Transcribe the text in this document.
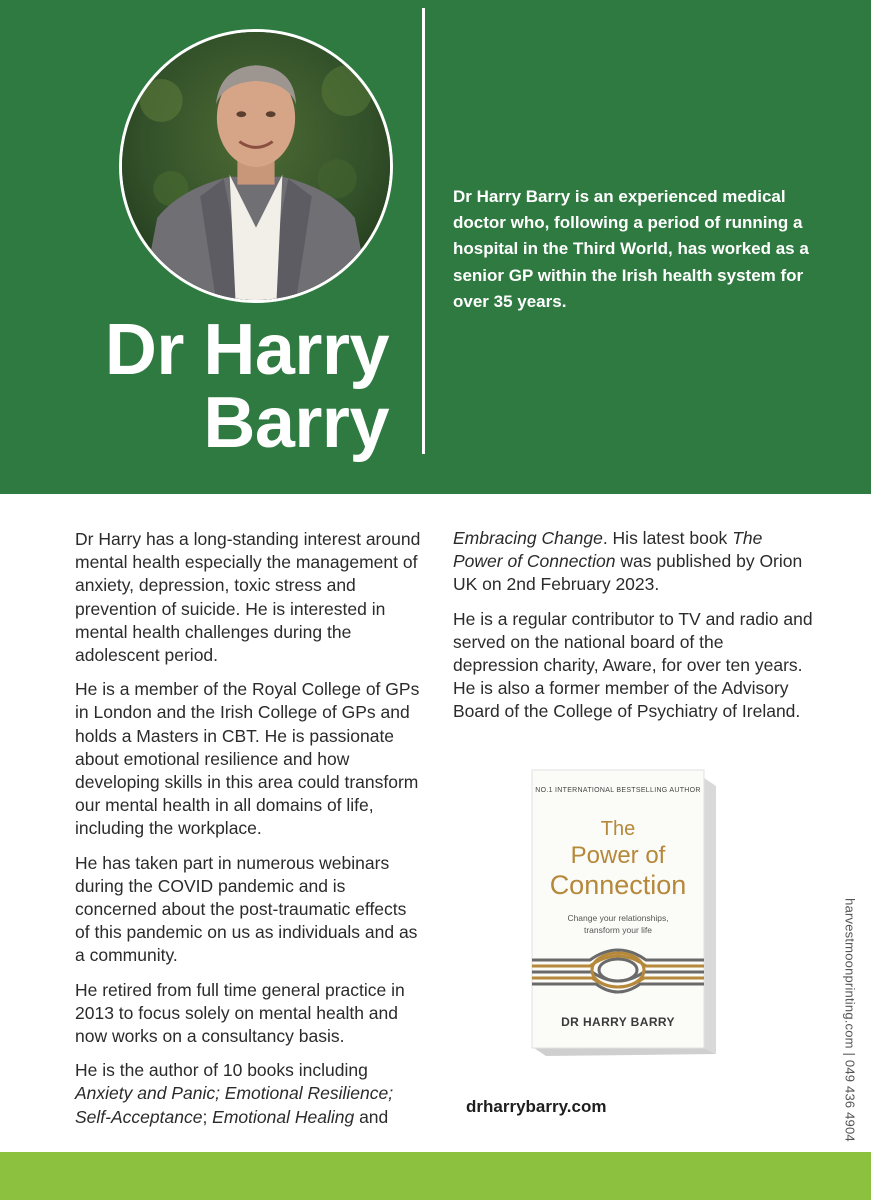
Dr Harry
Barry

Dr Harry Barry is an experienced medical doctor who, following a period of running a hospital in the Third World, has worked as a senior GP within the Irish health system for over 35 years.

Dr Harry has a long-standing interest around mental health especially the management of anxiety, depression, toxic stress and prevention of suicide. He is interested in mental health challenges during the adolescent period.

He is a member of the Royal College of GPs in London and the Irish College of GPs and holds a Masters in CBT. He is passionate about emotional resilience and how developing skills in this area could transform our mental health in all domains of life, including the workplace.

He has taken part in numerous webinars during the COVID pandemic and is concerned about the post-traumatic effects of this pandemic on us as individuals and as a community.

He retired from full time general practice in 2013 to focus solely on mental health and now works on a consultancy basis.

He is the author of 10 books including Anxiety and Panic; Emotional Resilience; Self-Acceptance; Emotional Healing and

Embracing Change. His latest book The Power of Connection was published by Orion UK on 2nd February 2023.

He is a regular contributor to TV and radio and served on the national board of the depression charity, Aware, for over ten years. He is also a former member of the Advisory Board of the College of Psychiatry of Ireland.

NO.1 INTERNATIONAL BESTSELLING AUTHOR
The
Power of
Connection
Change your relationships,
transform your life
DR HARRY BARRY
drharrybarry.com	harvestmoonprinting.com | 049 436 4904
